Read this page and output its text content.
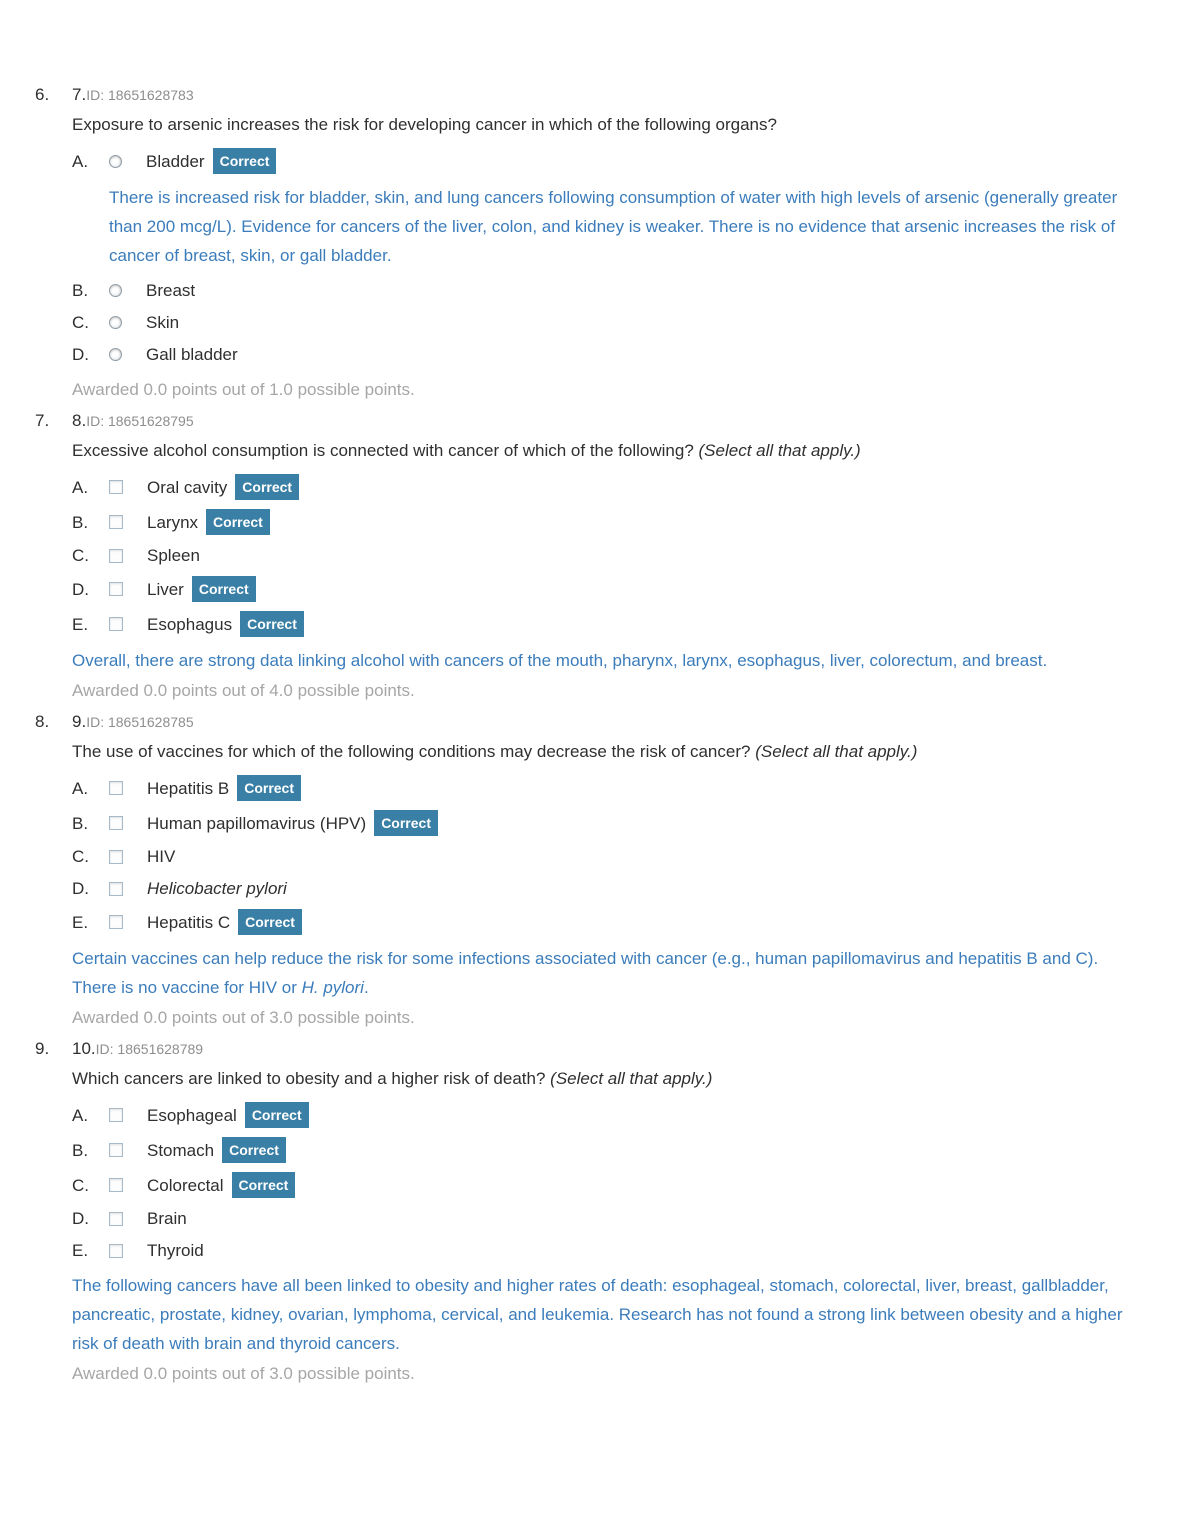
6.	7.ID: 18651628783
Exposure to arsenic increases the risk for developing cancer in which of the following organs?
A.	Bladder	Correct
There is increased risk for bladder, skin, and lung cancers following consumption of water with high levels of arsenic (generally greater than 200 mcg/L). Evidence for cancers of the liver, colon, and kidney is weaker. There is no evidence that arsenic increases the risk of cancer of breast, skin, or gall bladder.
B.	Breast
C.	Skin
D.	Gall bladder
Awarded 0.0 points out of 1.0 possible points.
7.	8.ID: 18651628795
Excessive alcohol consumption is connected with cancer of which of the following? (Select all that apply.)
A.	Oral cavity	Correct
B.	Larynx	Correct
C.	Spleen
D.	Liver	Correct
E.	Esophagus	Correct
Overall, there are strong data linking alcohol with cancers of the mouth, pharynx, larynx, esophagus, liver, colorectum, and breast.
Awarded 0.0 points out of 4.0 possible points.
8.	9.ID: 18651628785
The use of vaccines for which of the following conditions may decrease the risk of cancer? (Select all that apply.)
A.	Hepatitis B	Correct
B.	Human papillomavirus (HPV)	Correct
C.	HIV
D.	Helicobacter pylori
E.	Hepatitis C	Correct
Certain vaccines can help reduce the risk for some infections associated with cancer (e.g., human papillomavirus and hepatitis B and C). There is no vaccine for HIV or H. pylori.
Awarded 0.0 points out of 3.0 possible points.
9.	10.ID: 18651628789
Which cancers are linked to obesity and a higher risk of death? (Select all that apply.)
A.	Esophageal	Correct
B.	Stomach	Correct
C.	Colorectal	Correct
D.	Brain
E.	Thyroid
The following cancers have all been linked to obesity and higher rates of death: esophageal, stomach, colorectal, liver, breast, gallbladder, pancreatic, prostate, kidney, ovarian, lymphoma, cervical, and leukemia. Research has not found a strong link between obesity and a higher risk of death with brain and thyroid cancers.
Awarded 0.0 points out of 3.0 possible points.
